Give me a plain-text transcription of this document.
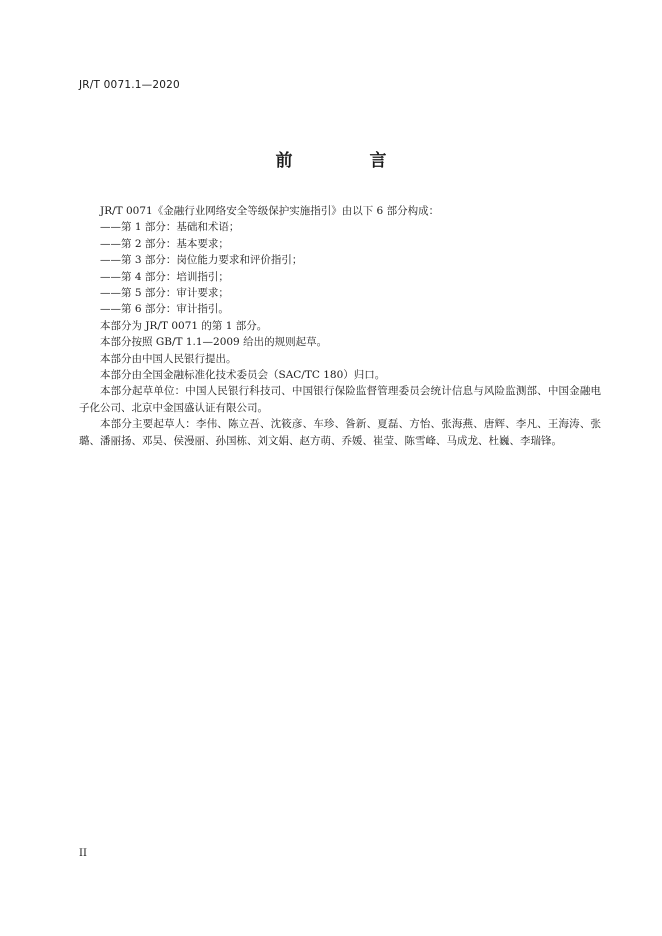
JR/T 0071.1—2020
前　言

JR/T 0071《金融行业网络安全等级保护实施指引》由以下 6 部分构成：

——第 1 部分：基础和术语；

——第 2 部分：基本要求；

——第 3 部分：岗位能力要求和评价指引；

——第 4 部分：培训指引；

——第 5 部分：审计要求；

——第 6 部分：审计指引。

本部分为 JR/T 0071 的第 1 部分。

本部分按照 GB/T 1.1—2009 给出的规则起草。

本部分由中国人民银行提出。

本部分由全国金融标准化技术委员会（SAC/TC 180）归口。

本部分起草单位：中国人民银行科技司、中国银行保险监督管理委员会统计信息与风险监测部、中国金融电子化公司、北京中金国盛认证有限公司。

本部分主要起草人：李伟、陈立吾、沈筱彦、车珍、昝新、夏磊、方怡、张海燕、唐辉、李凡、王海涛、张璐、潘丽扬、邓昊、侯漫丽、孙国栋、刘文娟、赵方萌、乔媛、崔莹、陈雪峰、马成龙、杜巍、李瑞锋。

II
